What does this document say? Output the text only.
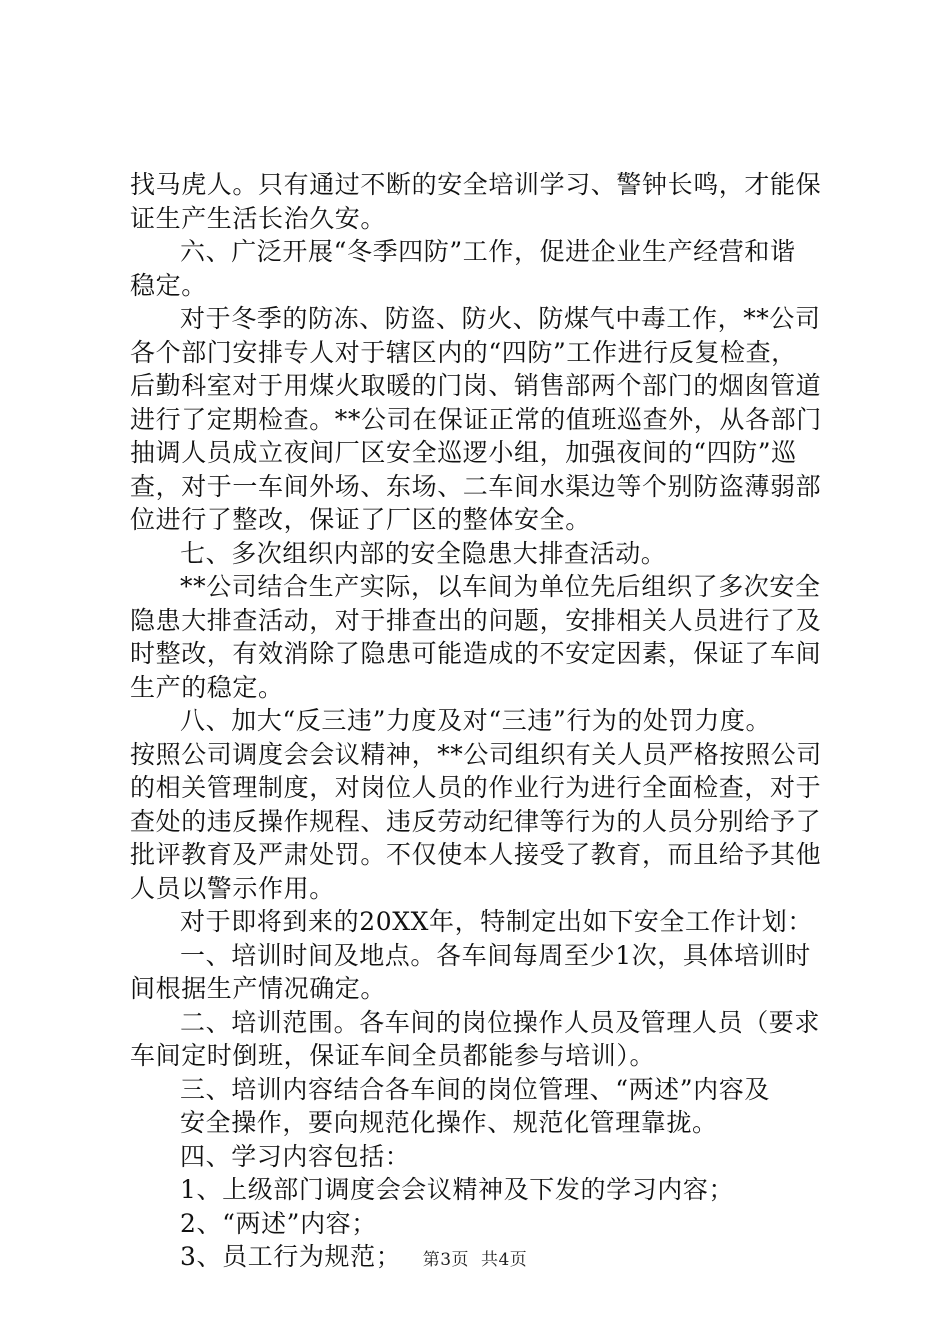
找马虎人。只有通过不断的安全培训学习、警钟长鸣，才能保
证生产生活长治久安。
六、广泛开展“冬季四防”工作，促进企业生产经营和谐
稳定。
对于冬季的防冻、防盗、防火、防煤气中毒工作，**公司
各个部门安排专人对于辖区内的“四防”工作进行反复检查，
后勤科室对于用煤火取暖的门岗、销售部两个部门的烟囱管道
进行了定期检查。**公司在保证正常的值班巡查外，从各部门
抽调人员成立夜间厂区安全巡逻小组，加强夜间的“四防”巡
查，对于一车间外场、东场、二车间水渠边等个别防盗薄弱部
位进行了整改，保证了厂区的整体安全。
七、多次组织内部的安全隐患大排查活动。
**公司结合生产实际，以车间为单位先后组织了多次安全
隐患大排查活动，对于排查出的问题，安排相关人员进行了及
时整改，有效消除了隐患可能造成的不安定因素，保证了车间
生产的稳定。
八、加大“反三违”力度及对“三违”行为的处罚力度。
按照公司调度会会议精神，**公司组织有关人员严格按照公司
的相关管理制度，对岗位人员的作业行为进行全面检查，对于
查处的违反操作规程、违反劳动纪律等行为的人员分别给予了
批评教育及严肃处罚。不仅使本人接受了教育，而且给予其他
人员以警示作用。
对于即将到来的20XX年，特制定出如下安全工作计划：
一、培训时间及地点。各车间每周至少1次，具体培训时
间根据生产情况确定。
二、培训范围。各车间的岗位操作人员及管理人员（要求
车间定时倒班，保证车间全员都能参与培训）。
三、培训内容结合各车间的岗位管理、“两述”内容及
安全操作，要向规范化操作、规范化管理靠拢。
四、学习内容包括：
1、上级部门调度会会议精神及下发的学习内容；
2、“两述”内容；
3、员工行为规范；	第3页 共4页
